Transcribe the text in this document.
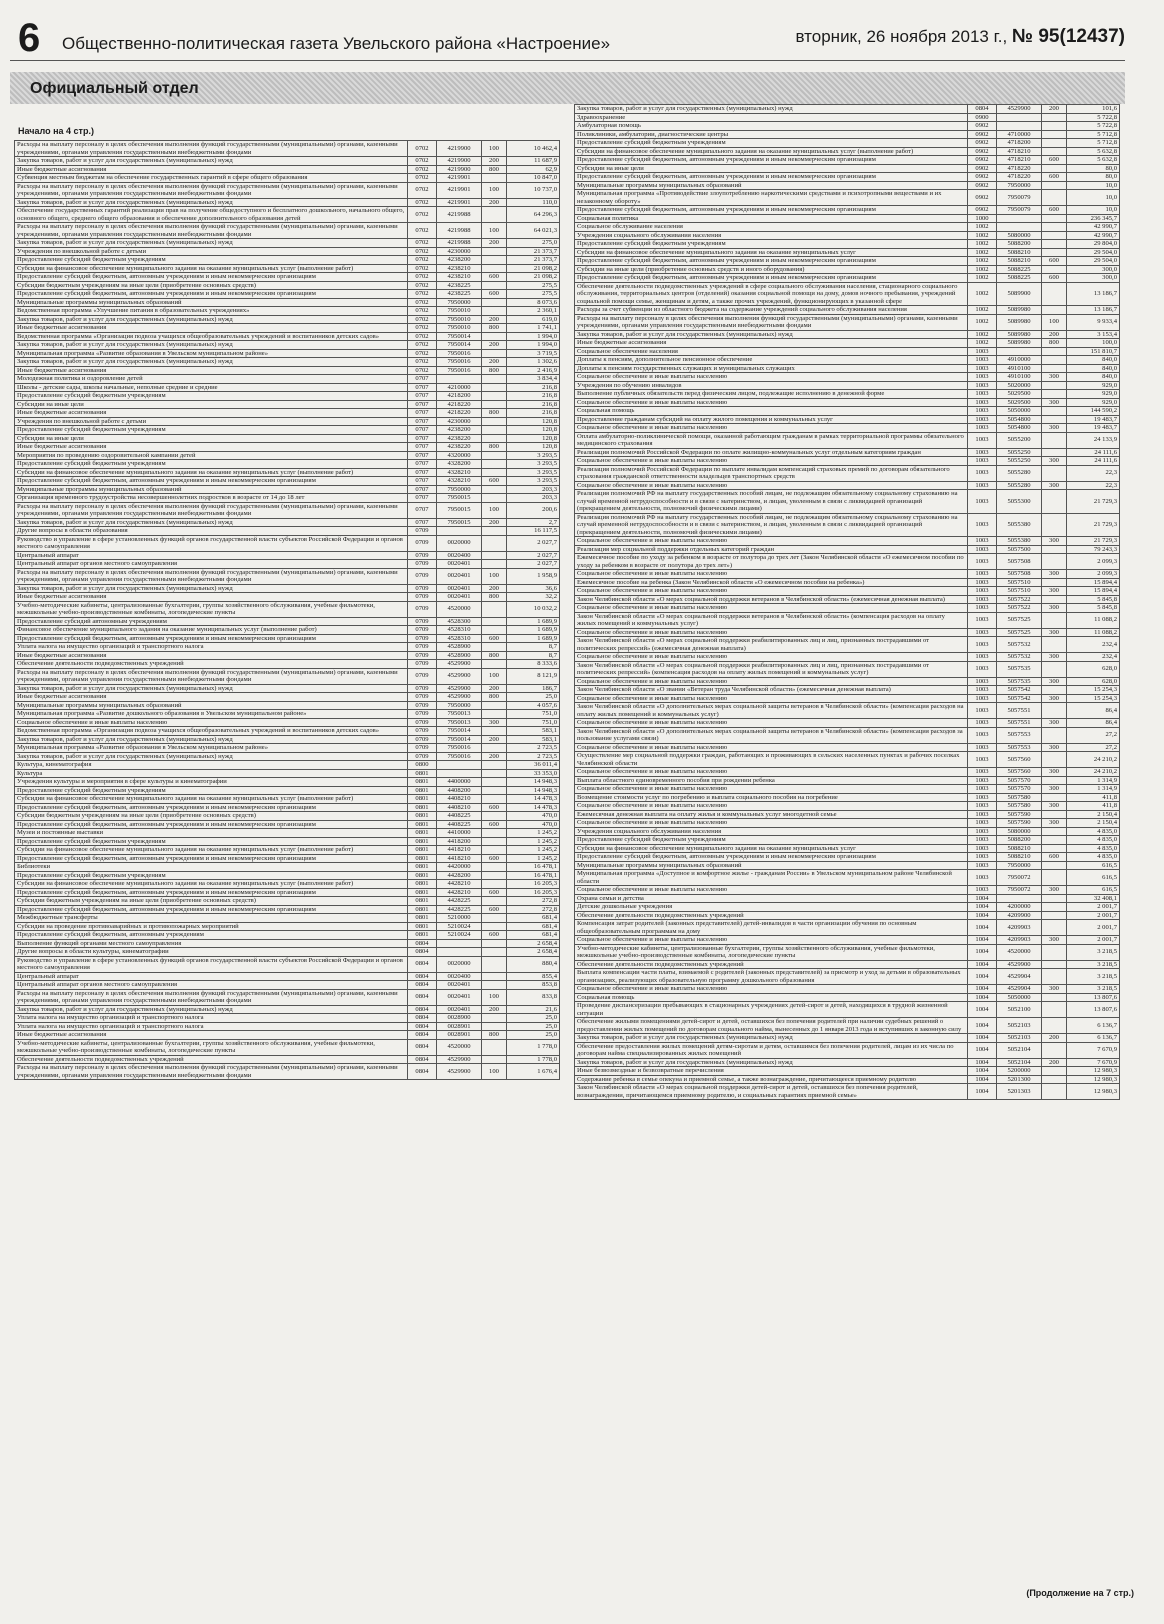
6 Общественно-политическая газета Увельского района «Настроение»	вторник, 26 ноября 2013 г., № 95(12437)
Официальный отдел
Начало на 4 стр.)
Расходы на выплату персоналу в целях обеспечения выполнения функций государственными (муниципальными) органами, казенными учреждениями, органами управления государственными внебюджетными фондами	0702	4219900	100	10 462,4
Закупка товаров, работ и услуг для государственных (муниципальных) нужд	0702	4219900	200	11 687,9
Иные бюджетные ассигнования	0702	4219900	800	62,9
Субвенция местным бюджетам на обеспечение государственных гарантий в сфере общего образования	0702	4219901		10 847,0
Расходы на выплату персоналу в целях обеспечения выполнения функций государственными (муниципальными) органами, казенными учреждениями, органами управления государственными внебюджетными фондами	0702	4219901	100	10 737,0
Закупка товаров, работ и услуг для государственных (муниципальных) нужд	0702	4219901	200	110,0
Обеспечение государственных гарантий реализации прав на получение общедоступного и бесплатного дошкольного, начального общего, основного общего, среднего общего образования и обеспечение дополнительного образования детей	0702	4219988		64 296,3
Расходы на выплату персоналу в целях обеспечения выполнения функций государственными (муниципальными) органами, казенными учреждениями, органами управления государственными внебюджетными фондами	0702	4219988	100	64 021,3
Закупка товаров, работ и услуг для государственных (муниципальных) нужд	0702	4219988	200	275,0
Учреждения по внешкольной работе с детьми	0702	4230000		21 373,7
Предоставление субсидий бюджетным учреждениям	0702	4238200		21 373,7
Субсидии на финансовое обеспечение муниципального задания на оказание муниципальных услуг (выполнение работ)	0702	4238210		21 098,2
Предоставление субсидий бюджетным, автономным учреждениям и иным некоммерческим организациям	0702	4238210	600	21 098,2
Субсидии бюджетным учреждениям на иные цели (приобретение основных средств)	0702	4238225		275,5
Предоставление субсидий бюджетным, автономным учреждениям и иным некоммерческим организациям	0702	4238225	600	275,5
Муниципальные программы муниципальных образований	0702	7950000		8 073,6
Ведомственная программа «Улучшение питания в образовательных учреждениях»	0702	7950010		2 360,1
Закупка товаров, работ и услуг для государственных (муниципальных) нужд	0702	7950010	200	619,0
Иные бюджетные ассигнования	0702	7950010	800	1 741,1
Ведомственная программа «Организация подвоза учащихся общеобразовательных учреждений и воспитанников детских садов»	0702	7950014		1 994,0
Закупка товаров, работ и услуг для государственных (муниципальных) нужд	0702	7950014	200	1 994,0
Муниципальная программа «Развитие образования в Увельском муниципальном районе»	0702	7950016		3 719,5
Закупка товаров, работ и услуг для государственных (муниципальных) нужд	0702	7950016	200	1 302,6
Иные бюджетные ассигнования	0702	7950016	800	2 416,9
Молодежная политика и оздоровление детей	0707			3 834,4
Школы - детские сады, школы начальные, неполные средние и средние	0707	4210000		216,8
Предоставление субсидий бюджетным учреждениям	0707	4218200		216,8
Субсидии на иные цели	0707	4218220		216,8
Иные бюджетные ассигнования	0707	4218220	800	216,8
Учреждения по внешкольной работе с детьми	0707	4230000		120,8
Предоставление субсидий бюджетным учреждениям	0707	4238200		120,8
Субсидии на иные цели	0707	4238220		120,8
Иные бюджетные ассигнования	0707	4238220	800	120,8
Мероприятия по проведению оздоровительной кампании детей	0707	4320000		3 293,5
Предоставление субсидий бюджетным учреждениям	0707	4328200		3 293,5
Субсидии на финансовое обеспечение муниципального задания на оказание муниципальных услуг (выполнение работ)	0707	4328210		3 293,5
Предоставление субсидий бюджетным, автономным учреждениям и иным некоммерческим организациям	0707	4328210	600	3 293,5
Муниципальные программы муниципальных образований	0707	7950000		203,3
Организация временного трудоустройства несовершеннолетних подростков в возрасте от 14 до 18 лет	0707	7950015		203,3
Расходы на выплату персоналу в целях обеспечения выполнения функций государственными (муниципальными) органами, казенными учреждениями, органами управления государственными внебюджетными фондами	0707	7950015	100	200,6
Закупка товаров, работ и услуг для государственных (муниципальных) нужд	0707	7950015	200	2,7
Другие вопросы в области образования	0709			16 117,5
Руководство и управление в сфере установленных функций органов государственной власти субъектов Российской Федерации и органов местного самоуправления	0709	0020000		2 027,7
Центральный аппарат	0709	0020400		2 027,7
Центральный аппарат органов местного самоуправления	0709	0020401		2 027,7
Расходы на выплату персоналу в целях обеспечения выполнения функций государственными (муниципальными) органами, казенными учреждениями, органами управления государственными внебюджетными фондами	0709	0020401	100	1 958,9
Закупка товаров, работ и услуг для государственных (муниципальных) нужд	0709	0020401	200	36,6
Иные бюджетные ассигнования	0709	0020401	800	32,2
Учебно-методические кабинеты, централизованные бухгалтерии, группы хозяйственного обслуживания, учебные фильмотеки, межшкольные учебно-производственные комбинаты, логопедические пункты	0709	4520000		10 032,2
Предоставление субсидий автономным учреждениям	0709	4528300		1 689,9
Финансовое обеспечение муниципального задания на оказание муниципальных услуг (выполнение работ)	0709	4528310		1 689,9
Предоставление субсидий бюджетным, автономным учреждениям и иным некоммерческим организациям	0709	4528310	600	1 689,9
Уплата налога на имущество организаций и транспортного налога	0709	4528900		8,7
Иные бюджетные ассигнования	0709	4528900	800	8,7
Обеспечение деятельности подведомственных учреждений	0709	4529900		8 333,6
Расходы на выплату персоналу в целях обеспечения выполнения функций государственными (муниципальными) органами, казенными учреждениями, органами управления государственными внебюджетными фондами	0709	4529900	100	8 121,9
Закупка товаров, работ и услуг для государственных (муниципальных) нужд	0709	4529900	200	186,7
Иные бюджетные ассигнования	0709	4529900	800	25,0
Муниципальные программы муниципальных образований	0709	7950000		4 057,6
Муниципальная программа «Развитие дошкольного образования в Увельском муниципальном районе»	0709	7950013		751,0
Социальное обеспечение и иные выплаты населению	0709	7950013	300	751,0
Ведомственная программа «Организация подвоза учащихся общеобразовательных учреждений и воспитанников детских садов»	0709	7950014		583,1
Закупка товаров, работ и услуг для государственных (муниципальных) нужд	0709	7950014	200	583,1
Муниципальная программа «Развитие образования в Увельском муниципальном районе»	0709	7950016		2 723,5
Закупка товаров, работ и услуг для государственных (муниципальных) нужд	0709	7950016	200	2 723,5
Культура, кинематография	0800			36 011,4
Культура	0801			33 353,0
Учреждения культуры и мероприятия в сфере культуры и кинематографии	0801	4400000		14 948,3
Предоставление субсидий бюджетным учреждениям	0801	4408200		14 948,3
Субсидии на финансовое обеспечение муниципального задания на оказание муниципальных услуг (выполнение работ)	0801	4408210		14 478,3
Предоставление субсидий бюджетным, автономным учреждениям и иным некоммерческим организациям	0801	4408210	600	14 478,3
Субсидии бюджетным учреждениям на иные цели (приобретение основных средств)	0801	4408225		470,0
Предоставление субсидий бюджетным, автономным учреждениям и иным некоммерческим организациям	0801	4408225	600	470,0
Музеи и постоянные выставки	0801	4410000		1 245,2
Предоставление субсидий бюджетным учреждениям	0801	4418200		1 245,2
Субсидии на финансовое обеспечение муниципального задания на оказание муниципальных услуг (выполнение работ)	0801	4418210		1 245,2
Предоставление субсидий бюджетным, автономным учреждениям и иным некоммерческим организациям	0801	4418210	600	1 245,2
Библиотеки	0801	4420000		16 478,1
Предоставление субсидий бюджетным учреждениям	0801	4428200		16 478,1
Субсидии на финансовое обеспечение муниципального задания на оказание муниципальных услуг (выполнение работ)	0801	4428210		16 205,3
Предоставление субсидий бюджетным, автономным учреждениям и иным некоммерческим организациям	0801	4428210	600	16 205,3
Субсидии бюджетным учреждениям на иные цели (приобретение основных средств)	0801	4428225		272,8
Предоставление субсидий бюджетным, автономным учреждениям и иным некоммерческим организациям	0801	4428225	600	272,8
Межбюджетные трансферты	0801	5210000		681,4
Субсидии на проведение противоаварийных и противопожарных мероприятий	0801	5210024		681,4
Предоставление субсидий бюджетным, автономным учреждениям	0801	5210024	600	681,4
Выполнение функций органами местного самоуправления	0804			2 658,4
Другие вопросы в области культуры, кинематографии	0804			2 658,4
Руководство и управление в сфере установленных функций органов государственной власти субъектов Российской Федерации и органов местного самоуправления	0804	0020000		880,4
Центральный аппарат	0804	0020400		855,4
Центральный аппарат органов местного самоуправления	0804	0020401		853,8
Расходы на выплату персоналу в целях обеспечения выполнения функций государственными (муниципальными) органами, казенными учреждениями, органами управления государственными внебюджетными фондами	0804	0020401	100	833,8
Закупка товаров, работ и услуг для государственных (муниципальных) нужд	0804	0020401	200	21,6
Уплата налога на имущество организаций и транспортного налога	0804	0028900		25,0
Уплата налога на имущество организаций и транспортного налога	0804	0028901		25,0
Иные бюджетные ассигнования	0804	0028901	800	25,0
Учебно-методические кабинеты, централизованные бухгалтерии, группы хозяйственного обслуживания, учебные фильмотеки, межшкольные учебно-производственные комбинаты, логопедические пункты	0804	4520000		1 778,0
Обеспечение деятельности подведомственных учреждений	0804	4529900		1 778,0
Расходы на выплату персоналу в целях обеспечения выполнения функций государственными (муниципальными) органами, казенными учреждениями, органами управления государственными внебюджетными фондами	0804	4529900	100	1 676,4
Закупка товаров, работ и услуг для государственных (муниципальных) нужд	0804	4529900	200	101,6
Здравоохранение	0900			5 722,8
Амбулаторная помощь	0902			5 722,8
Поликлиники, амбулатории, диагностические центры	0902	4710000		5 712,8
Предоставление субсидий бюджетным учреждениям	0902	4718200		5 712,8
Субсидии на финансовое обеспечение муниципального задания на оказание муниципальных услуг (выполнение работ)	0902	4718210		5 632,8
Предоставление субсидий бюджетным, автономным учреждениям и иным некоммерческим организациям	0902	4718210	600	5 632,8
Субсидии на иные цели	0902	4718220		80,0
Предоставление субсидий бюджетным, автономным учреждениям и иным некоммерческим организациям	0902	4718220	600	80,0
Муниципальные программы муниципальных образований	0902	7950000		10,0
Муниципальная программа «Противодействие злоупотреблению наркотическими средствами и психотропными веществами и их незаконному обороту»	0902	7950079		10,0
Предоставление субсидий бюджетным, автономным учреждениям и иным некоммерческим организациям	0902	7950079	600	10,0
Социальная политика	1000			236 345,7
Социальное обслуживание населения	1002			42 990,7
Учреждения социального обслуживания населения	1002	5080000		42 990,7
Предоставление субсидий бюджетным учреждениям	1002	5088200		29 804,0
Субсидии на финансовое обеспечение муниципального задания на оказание муниципальных услуг	1002	5088210		29 504,0
Предоставление субсидий бюджетным, автономным учреждениям и иным некоммерческим организациям	1002	5088210	600	29 504,0
Субсидии на иные цели (приобретение основных средств и иного оборудования)	1002	5088225		300,0
Предоставление субсидий бюджетным, автономным учреждениям и иным некоммерческим организациям	1002	5088225	600	300,0
Обеспечение деятельности подведомственных учреждений в сфере социального обслуживания населения, стационарного социального обслуживания, территориальных центров (отделений) оказания социальной помощи на дому, домов ночного пребывания, учреждений социальной помощи семье, женщинам и детям, а также прочих учреждений, функционирующих в указанной сфере	1002	5089900		13 186,7
Расходы за счет субвенции из областного бюджета на содержание учреждений социального обслуживания населения	1002	5089980		13 186,7
Расходы на выплату персоналу в целях обеспечения выполнения функций государственными (муниципальными) органами, казенными учреждениями, органами управления государственными внебюджетными фондами	1002	5089980	100	9 933,4
Закупка товаров, работ и услуг для государственных (муниципальных) нужд	1002	5089980	200	3 153,4
Иные бюджетные ассигнования	1002	5089980	800	100,0
Социальное обеспечение населения	1003			151 810,7
Доплаты к пенсиям, дополнительное пенсионное обеспечение	1003	4910000		840,0
Доплаты к пенсиям государственных служащих и муниципальных служащих	1003	4910100		840,0
Социальное обеспечение и иные выплаты населению	1003	4910100	300	840,0
Учреждения по обучению инвалидов	1003	5020000		929,0
Выполнение публичных обязательств перед физическим лицом, подлежащие исполнению в денежной форме	1003	5029500		929,0
Социальное обеспечение и иные выплаты населению	1003	5029500	300	929,0
Социальная помощь	1003	5050000		144 590,2
Предоставление гражданам субсидий на оплату жилого помещения и коммунальных услуг	1003	5054800		19 483,7
Социальное обеспечение и иные выплаты населению	1003	5054800	300	19 483,7
Оплата амбулаторно-поликлинической помощи, оказанной работающим гражданам в рамках территориальной программы обязательного медицинского страхования	1003	5055200		24 133,9
Реализация полномочий Российской Федерации по оплате жилищно-коммунальных услуг отдельным категориям граждан	1003	5055250		24 111,6
Социальное обеспечение и иные выплаты населению	1003	5055250	300	24 111,6
Реализация полномочий Российской Федерации по выплате инвалидам компенсаций страховых премий по договорам обязательного страхования гражданской ответственности владельцев транспортных средств	1003	5055280		22,3
Социальное обеспечение и иные выплаты населению	1003	5055280	300	22,3
Реализация полномочий РФ на выплату государственных пособий лицам, не подлежащим обязательному социальному страхованию на случай временной нетрудоспособности и в связи с материнством, и лицам, уволенным в связи с ликвидацией организаций (прекращением деятельности, полномочий физическими лицами)	1003	5055300		21 729,3
Реализация полномочий РФ на выплату государственных пособий лицам, не подлежащим обязательному социальному страхованию на случай временной нетрудоспособности и в связи с материнством, и лицам, уволенным в связи с ликвидацией организаций (прекращением деятельности, полномочий физическими лицами)	1003	5055380		21 729,3
Социальное обеспечение и иные выплаты населению	1003	5055380	300	21 729,3
Реализация мер социальной поддержки отдельных категорий граждан	1003	5057500		79 243,3
Ежемесячное пособие по уходу за ребенком в возрасте от полутора до трех лет (Закон Челябинской области «О ежемесячном пособии по уходу за ребенком в возрасте от полутора до трех лет»)	1003	5057508		2 099,3
Социальное обеспечение и иные выплаты населению	1003	5057508	300	2 099,3
Ежемесячное пособие на ребенка (Закон Челябинской области «О ежемесячном пособии на ребенка»)	1003	5057510		15 894,4
Социальное обеспечение и иные выплаты населению	1003	5057510	300	15 894,4
Закон Челябинской области «О мерах социальной поддержки ветеранов в Челябинской области» (ежемесячная денежная выплата)	1003	5057522		5 845,8
Социальное обеспечение и иные выплаты населению	1003	5057522	300	5 845,8
Закон Челябинской области «О мерах социальной поддержки ветеранов в Челябинской области» (компенсация расходов на оплату жилых помещений и коммунальных услуг)	1003	5057525		11 088,2
Социальное обеспечение и иные выплаты населению	1003	5057525	300	11 088,2
Закон Челябинской области «О мерах социальной поддержки реабилитированных лиц и лиц, признанных пострадавшими от политических репрессий» (ежемесячная денежная выплата)	1003	5057532		232,4
Социальное обеспечение и иные выплаты населению	1003	5057532	300	232,4
Закон Челябинской области «О мерах социальной поддержки реабилитированных лиц и лиц, признанных пострадавшими от политических репрессий» (компенсация расходов на оплату жилых помещений и коммунальных услуг)	1003	5057535		628,0
Социальное обеспечение и иные выплаты населению	1003	5057535	300	628,0
Закон Челябинской области «О звании «Ветеран труда Челябинской области» (ежемесячная денежная выплата)	1003	5057542		15 254,3
Социальное обеспечение и иные выплаты населению	1003	5057542	300	15 254,3
Закон Челябинской области «О дополнительных мерах социальной защиты ветеранов в Челябинской области» (компенсация расходов на оплату жилых помещений и коммунальных услуг)	1003	5057551		86,4
Социальное обеспечение и иные выплаты населению	1003	5057551	300	86,4
Закон Челябинской области «О дополнительных мерах социальной защиты ветеранов в Челябинской области» (компенсация расходов за пользование услугами связи)	1003	5057553		27,2
Социальное обеспечение и иные выплаты населению	1003	5057553	300	27,2
Осуществление мер социальной поддержки граждан, работающих и проживающих в сельских населенных пунктах и рабочих поселках Челябинской области	1003	5057560		24 210,2
Социальное обеспечение и иные выплаты населению	1003	5057560	300	24 210,2
Выплата областного единовременного пособия при рождении ребенка	1003	5057570		1 314,9
Социальное обеспечение и иные выплаты населению	1003	5057570	300	1 314,9
Возмещение стоимости услуг по погребению и выплата социального пособия на погребение	1003	5057580		411,8
Социальное обеспечение и иные выплаты населению	1003	5057580	300	411,8
Ежемесячная денежная выплата на оплату жилья и коммунальных услуг многодетной семье	1003	5057590		2 150,4
Социальное обеспечение и иные выплаты населению	1003	5057590	300	2 150,4
Учреждения социального обслуживания населения	1003	5080000		4 835,0
Предоставление субсидий бюджетным учреждениям	1003	5088200		4 835,0
Субсидии на финансовое обеспечение муниципального задания на оказание муниципальных услуг	1003	5088210		4 835,0
Предоставление субсидий бюджетным, автономным учреждениям и иным некоммерческим организациям	1003	5088210	600	4 835,0
Муниципальные программы муниципальных образований	1003	7950000		616,5
Муниципальная программа «Доступное и комфортное жилье - гражданам России» в Увельском муниципальном районе Челябинской области	1003	7950072		616,5
Социальное обеспечение и иные выплаты населению	1003	7950072	300	616,5
Охрана семьи и детства	1004			32 408,1
Детские дошкольные учреждения	1004	4200000		2 001,7
Обеспечение деятельности подведомственных учреждений	1004	4209900		2 001,7
Компенсация затрат родителей (законных представителей) детей-инвалидов в части организации обучения по основным общеобразовательным программам на дому	1004	4209903		2 001,7
Социальное обеспечение и иные выплаты населению	1004	4209903	300	2 001,7
Учебно-методические кабинеты, централизованные бухгалтерии, группы хозяйственного обслуживания, учебные фильмотеки, межшкольные учебно-производственные комбинаты, логопедические пункты	1004	4520000		3 218,5
Обеспечение деятельности подведомственных учреждений	1004	4529900		3 218,5
Выплата компенсации части платы, взимаемой с родителей (законных представителей) за присмотр и уход за детьми в образовательных организациях, реализующих образовательную программу дошкольного образования	1004	4529904		3 218,5
Социальное обеспечение и иные выплаты населению	1004	4529904	300	3 218,5
Социальная помощь	1004	5050000		13 807,6
Проведение диспансеризации пребывающих в стационарных учреждениях детей-сирот и детей, находящихся в трудной жизненной ситуации	1004	5052100		13 807,6
Обеспечение жилыми помещениями детей-сирот и детей, оставшихся без попечения родителей при наличии судебных решений о предоставлении жилых помещений по договорам социального найма, вынесенных до 1 января 2013 года и вступивших в законную силу	1004	5052103		6 136,7
Закупка товаров, работ и услуг для государственных (муниципальных) нужд	1004	5052103	200	6 136,7
Обеспечение предоставления жилых помещений детям-сиротам и детям, оставшимся без попечения родителей, лицам из их числа по договорам найма специализированных жилых помещений	1004	5052104		7 670,9
Закупка товаров, работ и услуг для государственных (муниципальных) нужд	1004	5052104	200	7 670,9
Иные безвозмездные и безвозвратные перечисления	1004	5200000		12 980,3
Содержание ребенка в семье опекуна и приемной семье, а также вознаграждение, причитающееся приемному родителю	1004	5201300		12 980,3
Закон Челябинской области «О мерах социальной поддержки детей-сирот и детей, оставшихся без попечения родителей, вознаграждении, причитающемся приемному родителю, и социальных гарантиях приемной семье»	1004	5201303		12 980,3
(Продолжение на 7 стр.)
